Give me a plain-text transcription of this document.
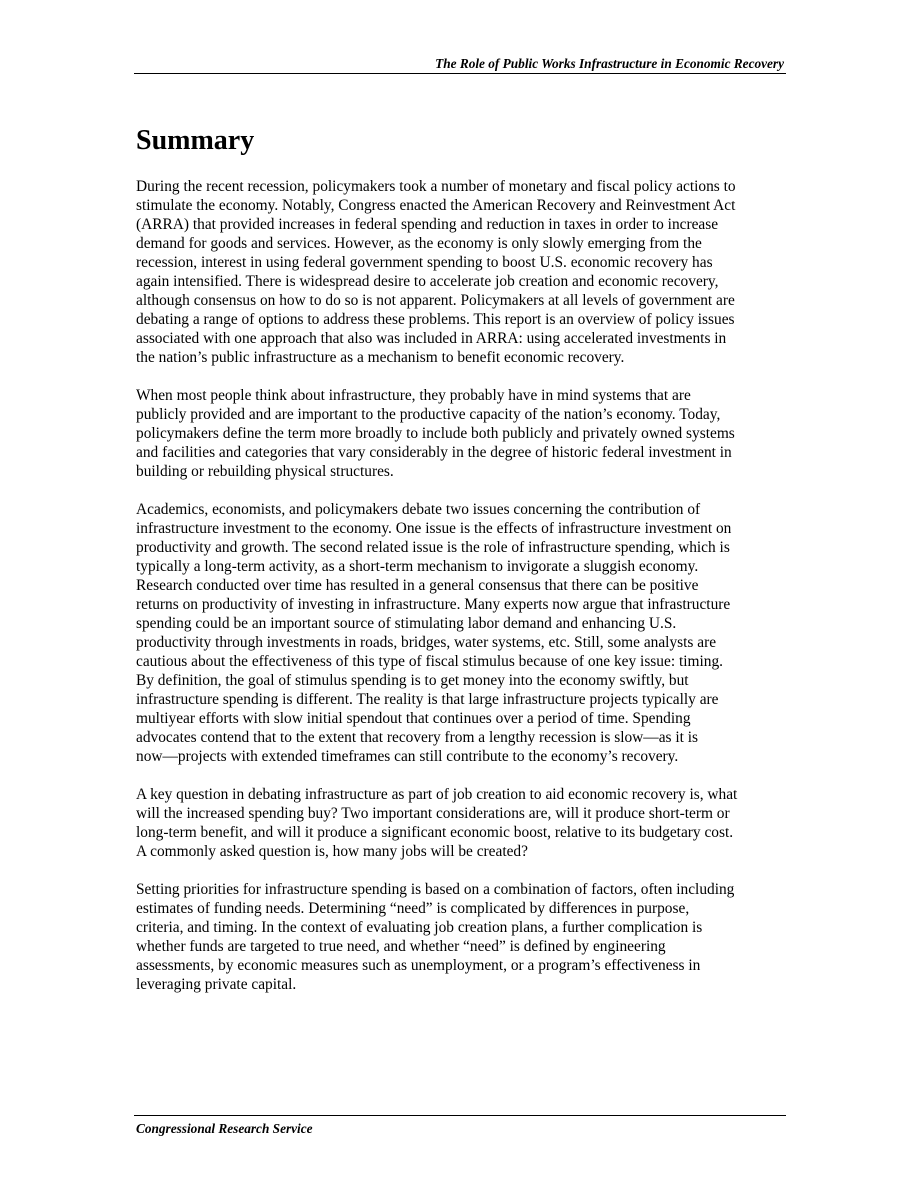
The Role of Public Works Infrastructure in Economic Recovery
Summary

During the recent recession, policymakers took a number of monetary and fiscal policy actions to
stimulate the economy. Notably, Congress enacted the American Recovery and Reinvestment Act
(ARRA) that provided increases in federal spending and reduction in taxes in order to increase
demand for goods and services. However, as the economy is only slowly emerging from the
recession, interest in using federal government spending to boost U.S. economic recovery has
again intensified. There is widespread desire to accelerate job creation and economic recovery,
although consensus on how to do so is not apparent. Policymakers at all levels of government are
debating a range of options to address these problems. This report is an overview of policy issues
associated with one approach that also was included in ARRA: using accelerated investments in
the nation’s public infrastructure as a mechanism to benefit economic recovery.

When most people think about infrastructure, they probably have in mind systems that are
publicly provided and are important to the productive capacity of the nation’s economy. Today,
policymakers define the term more broadly to include both publicly and privately owned systems
and facilities and categories that vary considerably in the degree of historic federal investment in
building or rebuilding physical structures.

Academics, economists, and policymakers debate two issues concerning the contribution of
infrastructure investment to the economy. One issue is the effects of infrastructure investment on
productivity and growth. The second related issue is the role of infrastructure spending, which is
typically a long-term activity, as a short-term mechanism to invigorate a sluggish economy.
Research conducted over time has resulted in a general consensus that there can be positive
returns on productivity of investing in infrastructure. Many experts now argue that infrastructure
spending could be an important source of stimulating labor demand and enhancing U.S.
productivity through investments in roads, bridges, water systems, etc. Still, some analysts are
cautious about the effectiveness of this type of fiscal stimulus because of one key issue: timing.
By definition, the goal of stimulus spending is to get money into the economy swiftly, but
infrastructure spending is different. The reality is that large infrastructure projects typically are
multiyear efforts with slow initial spendout that continues over a period of time. Spending
advocates contend that to the extent that recovery from a lengthy recession is slow—as it is
now—projects with extended timeframes can still contribute to the economy’s recovery.

A key question in debating infrastructure as part of job creation to aid economic recovery is, what
will the increased spending buy? Two important considerations are, will it produce short-term or
long-term benefit, and will it produce a significant economic boost, relative to its budgetary cost.
A commonly asked question is, how many jobs will be created?

Setting priorities for infrastructure spending is based on a combination of factors, often including
estimates of funding needs. Determining “need” is complicated by differences in purpose,
criteria, and timing. In the context of evaluating job creation plans, a further complication is
whether funds are targeted to true need, and whether “need” is defined by engineering
assessments, by economic measures such as unemployment, or a program’s effectiveness in
leveraging private capital.

Congressional Research Service
